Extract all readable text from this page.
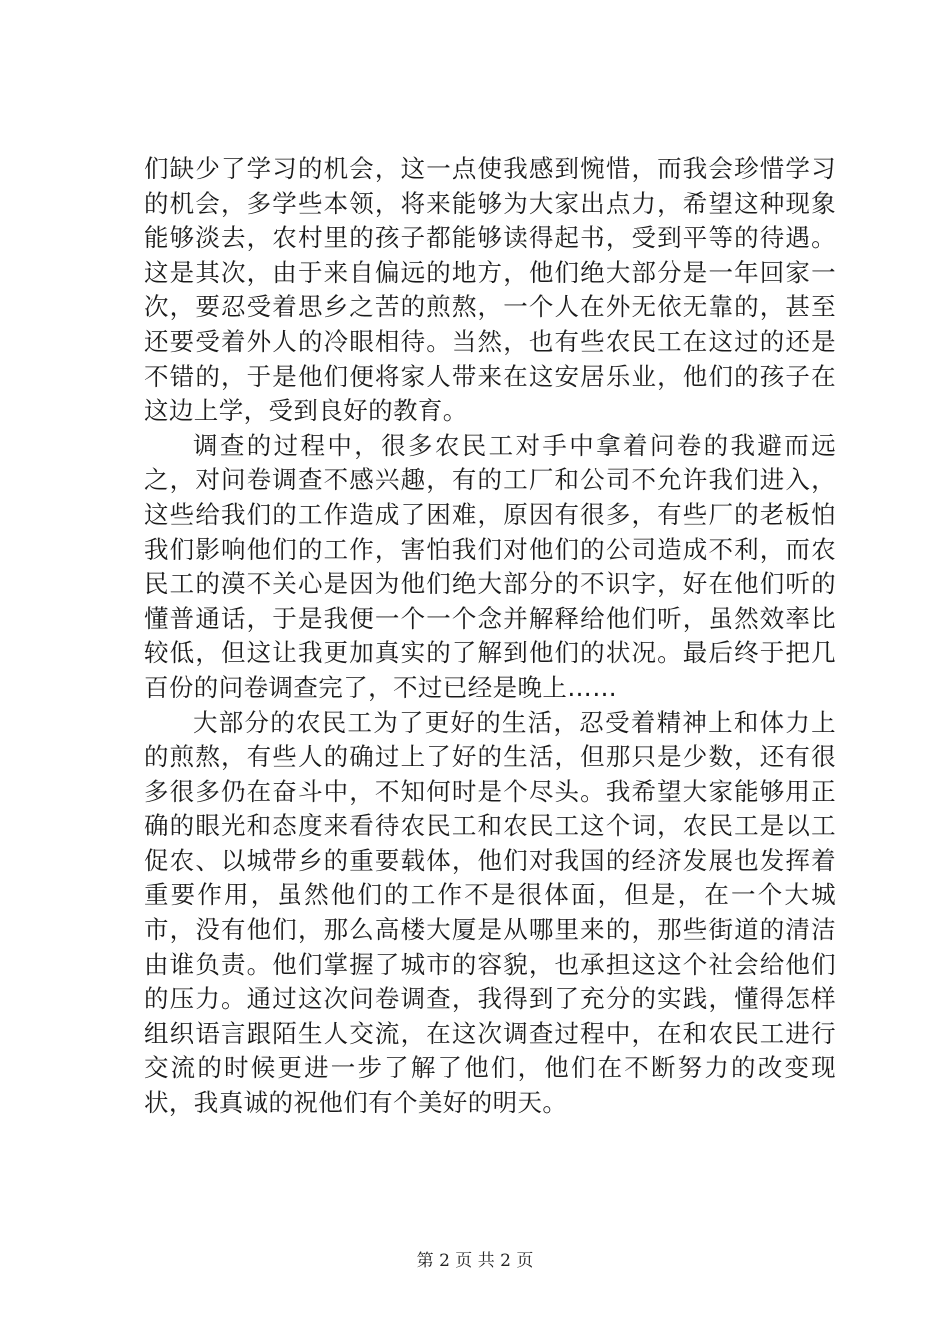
们缺少了学习的机会，这一点使我感到惋惜，而我会珍惜学习的机会，多学些本领，将来能够为大家出点力，希望这种现象能够淡去，农村里的孩子都能够读得起书，受到平等的待遇。这是其次，由于来自偏远的地方，他们绝大部分是一年回家一次，要忍受着思乡之苦的煎熬，一个人在外无依无靠的，甚至还要受着外人的冷眼相待。当然，也有些农民工在这过的还是不错的，于是他们便将家人带来在这安居乐业，他们的孩子在这边上学，受到良好的教育。

调查的过程中，很多农民工对手中拿着问卷的我避而远之，对问卷调查不感兴趣，有的工厂和公司不允许我们进入，这些给我们的工作造成了困难，原因有很多，有些厂的老板怕我们影响他们的工作，害怕我们对他们的公司造成不利，而农民工的漠不关心是因为他们绝大部分的不识字，好在他们听的懂普通话，于是我便一个一个念并解释给他们听，虽然效率比较低，但这让我更加真实的了解到他们的状况。最后终于把几百份的问卷调查完了，不过已经是晚上……

大部分的农民工为了更好的生活，忍受着精神上和体力上的煎熬，有些人的确过上了好的生活，但那只是少数，还有很多很多仍在奋斗中，不知何时是个尽头。我希望大家能够用正确的眼光和态度来看待农民工和农民工这个词，农民工是以工促农、以城带乡的重要载体，他们对我国的经济发展也发挥着重要作用，虽然他们的工作不是很体面，但是，在一个大城市，没有他们，那么高楼大厦是从哪里来的，那些街道的清洁由谁负责。他们掌握了城市的容貌，也承担这这个社会给他们的压力。通过这次问卷调查，我得到了充分的实践，懂得怎样组织语言跟陌生人交流，在这次调查过程中，在和农民工进行交流的时候更进一步了解了他们，他们在不断努力的改变现状，我真诚的祝他们有个美好的明天。

第 2 页 共 2 页
